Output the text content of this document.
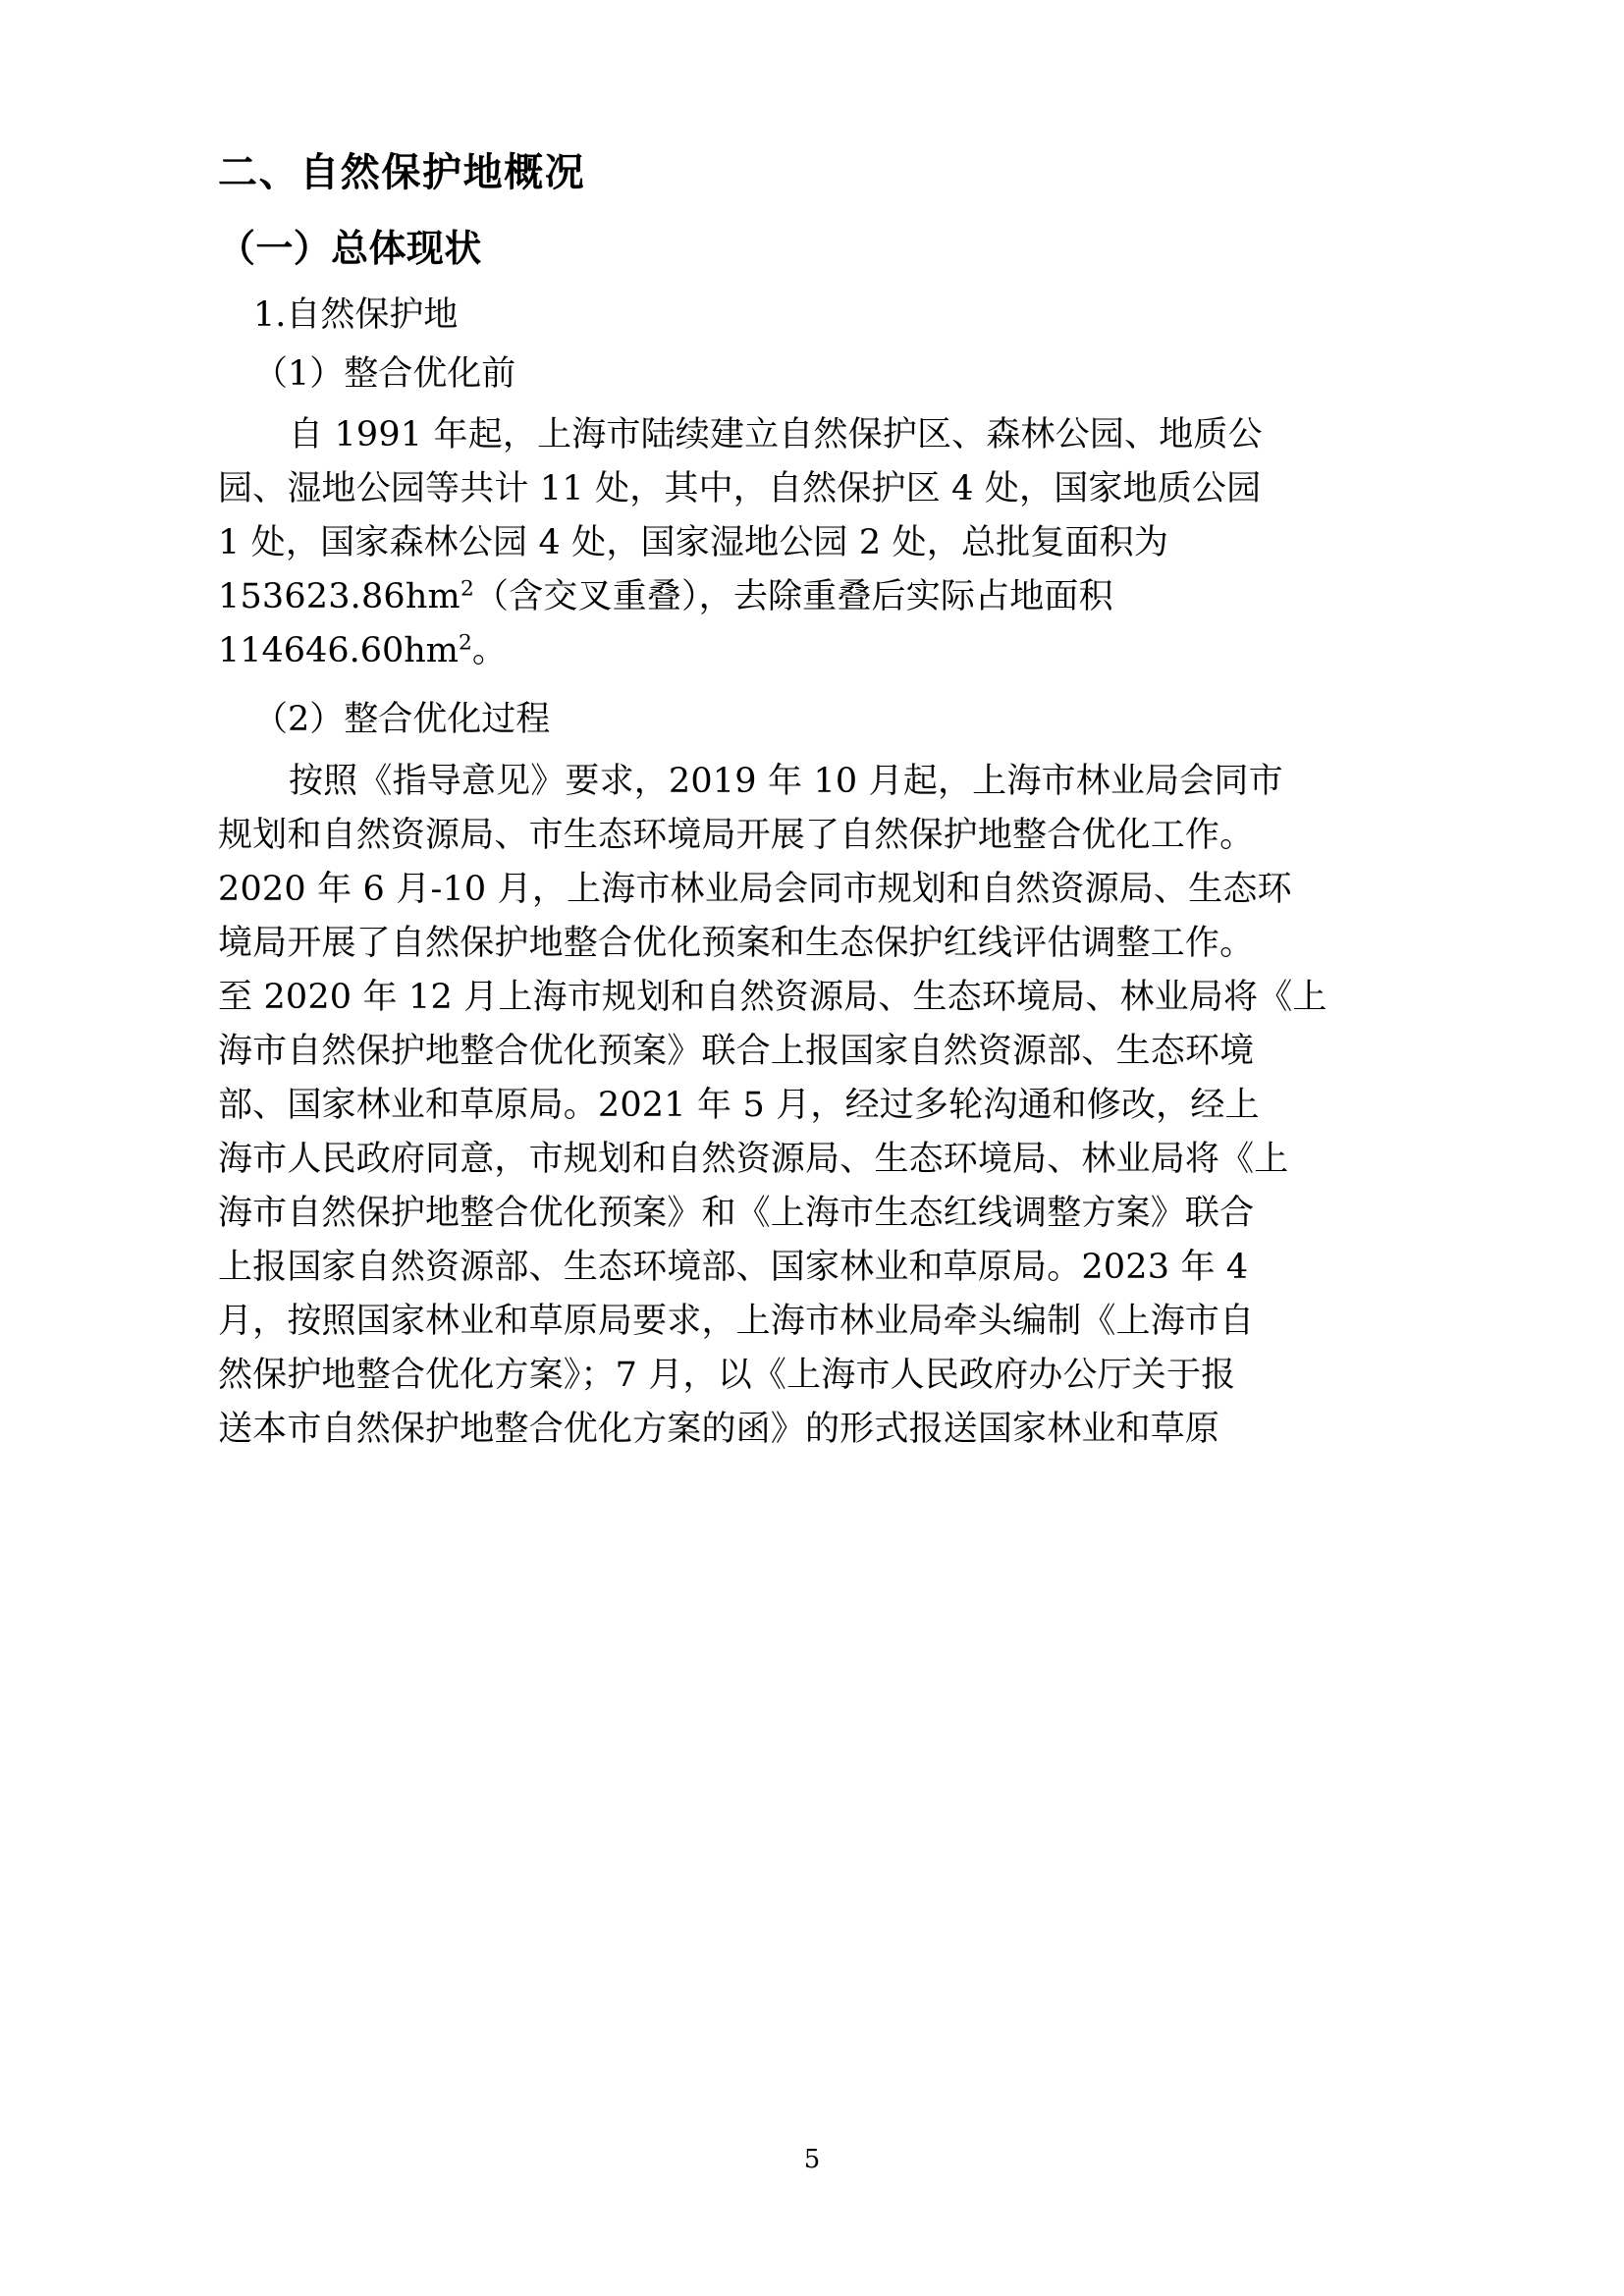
二、自然保护地概况
（一）总体现状
1.自然保护地
（1）整合优化前
自 1991 年起，上海市陆续建立自然保护区、森林公园、地质公
园、湿地公园等共计 11 处，其中，自然保护区 4 处，国家地质公园
1 处，国家森林公园 4 处，国家湿地公园 2 处，总批复面积为
$153623.86hm^2$（含交叉重叠），去除重叠后实际占地面积
$114646.60hm^2$。
（2）整合优化过程
按照《指导意见》要求，2019 年 10 月起，上海市林业局会同市
规划和自然资源局、市生态环境局开展了自然保护地整合优化工作。
2020 年 6 月-10 月，上海市林业局会同市规划和自然资源局、生态环
境局开展了自然保护地整合优化预案和生态保护红线评估调整工作。
至 2020 年 12 月上海市规划和自然资源局、生态环境局、林业局将《上
海市自然保护地整合优化预案》联合上报国家自然资源部、生态环境
部、国家林业和草原局。2021 年 5 月，经过多轮沟通和修改，经上
海市人民政府同意，市规划和自然资源局、生态环境局、林业局将《上
海市自然保护地整合优化预案》和《上海市生态红线调整方案》联合
上报国家自然资源部、生态环境部、国家林业和草原局。2023 年 4
月，按照国家林业和草原局要求，上海市林业局牵头编制《上海市自
然保护地整合优化方案》；7 月，以《上海市人民政府办公厅关于报
送本市自然保护地整合优化方案的函》的形式报送国家林业和草原
5
